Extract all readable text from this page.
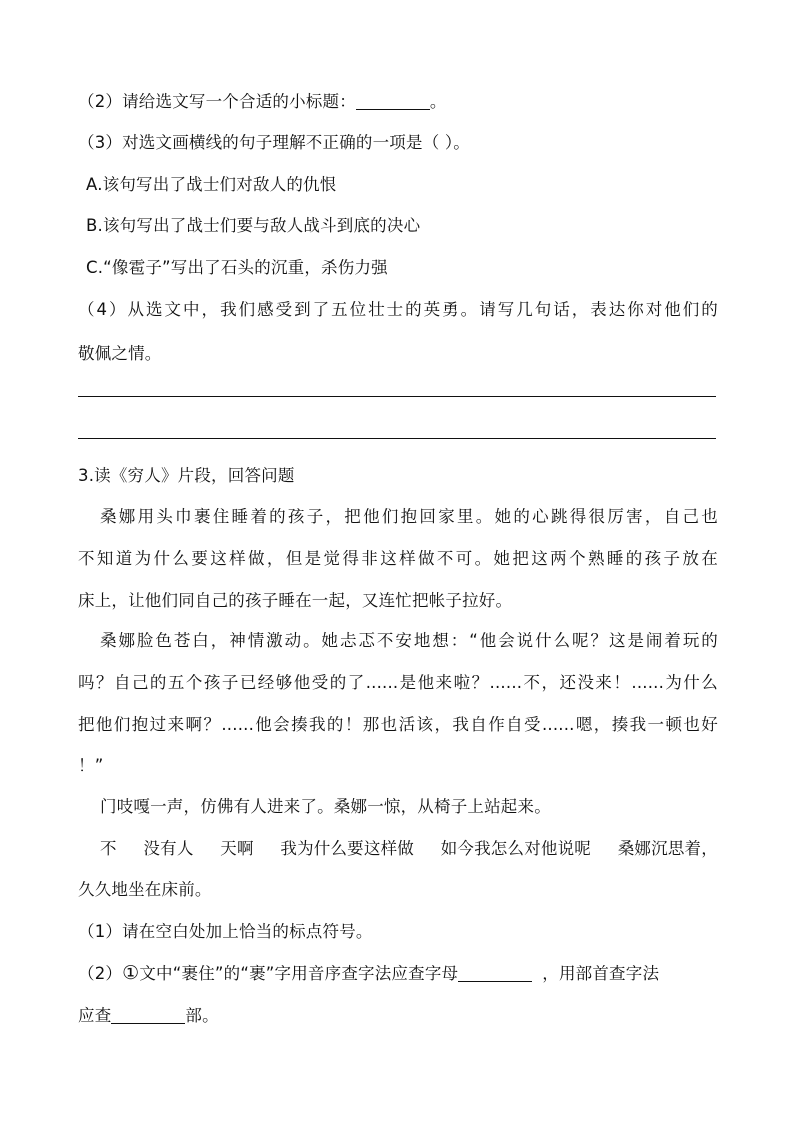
（2）请给选文写一个合适的小标题：	。
（3）对选文画横线的句子理解不正确的一项是（ ）。
A.该句写出了战士们对敌人的仇恨
B.该句写出了战士们要与敌人战斗到底的决心
C.“像雹子”写出了石头的沉重，杀伤力强
（4）从选文中，我们感受到了五位壮士的英勇。请写几句话，表达你对他们的
敬佩之情。
3.读《穷人》片段，回答问题
桑娜用头巾裹住睡着的孩子，把他们抱回家里。她的心跳得很厉害，自己也
不知道为什么要这样做，但是觉得非这样做不可。她把这两个熟睡的孩子放在
床上，让他们同自己的孩子睡在一起，又连忙把帐子拉好。
桑娜脸色苍白，神情激动。她忐忑不安地想：“他会说什么呢？这是闹着玩的
吗？自己的五个孩子已经够他受的了......是他来啦？......不，还没来！......为什么
把他们抱过来啊？......他会揍我的！那也活该，我自作自受......嗯，揍我一顿也好
！”
门吱嘎一声，仿佛有人进来了。桑娜一惊，从椅子上站起来。
不 没有人 天啊 我为什么要这样做 如今我怎么对他说呢 桑娜沉思着，
久久地坐在床前。
（1）请在空白处加上恰当的标点符号。
（2）①文中“裹住”的“裹”字用音序查字法应查字母	，用部首查字法
应查	部。
